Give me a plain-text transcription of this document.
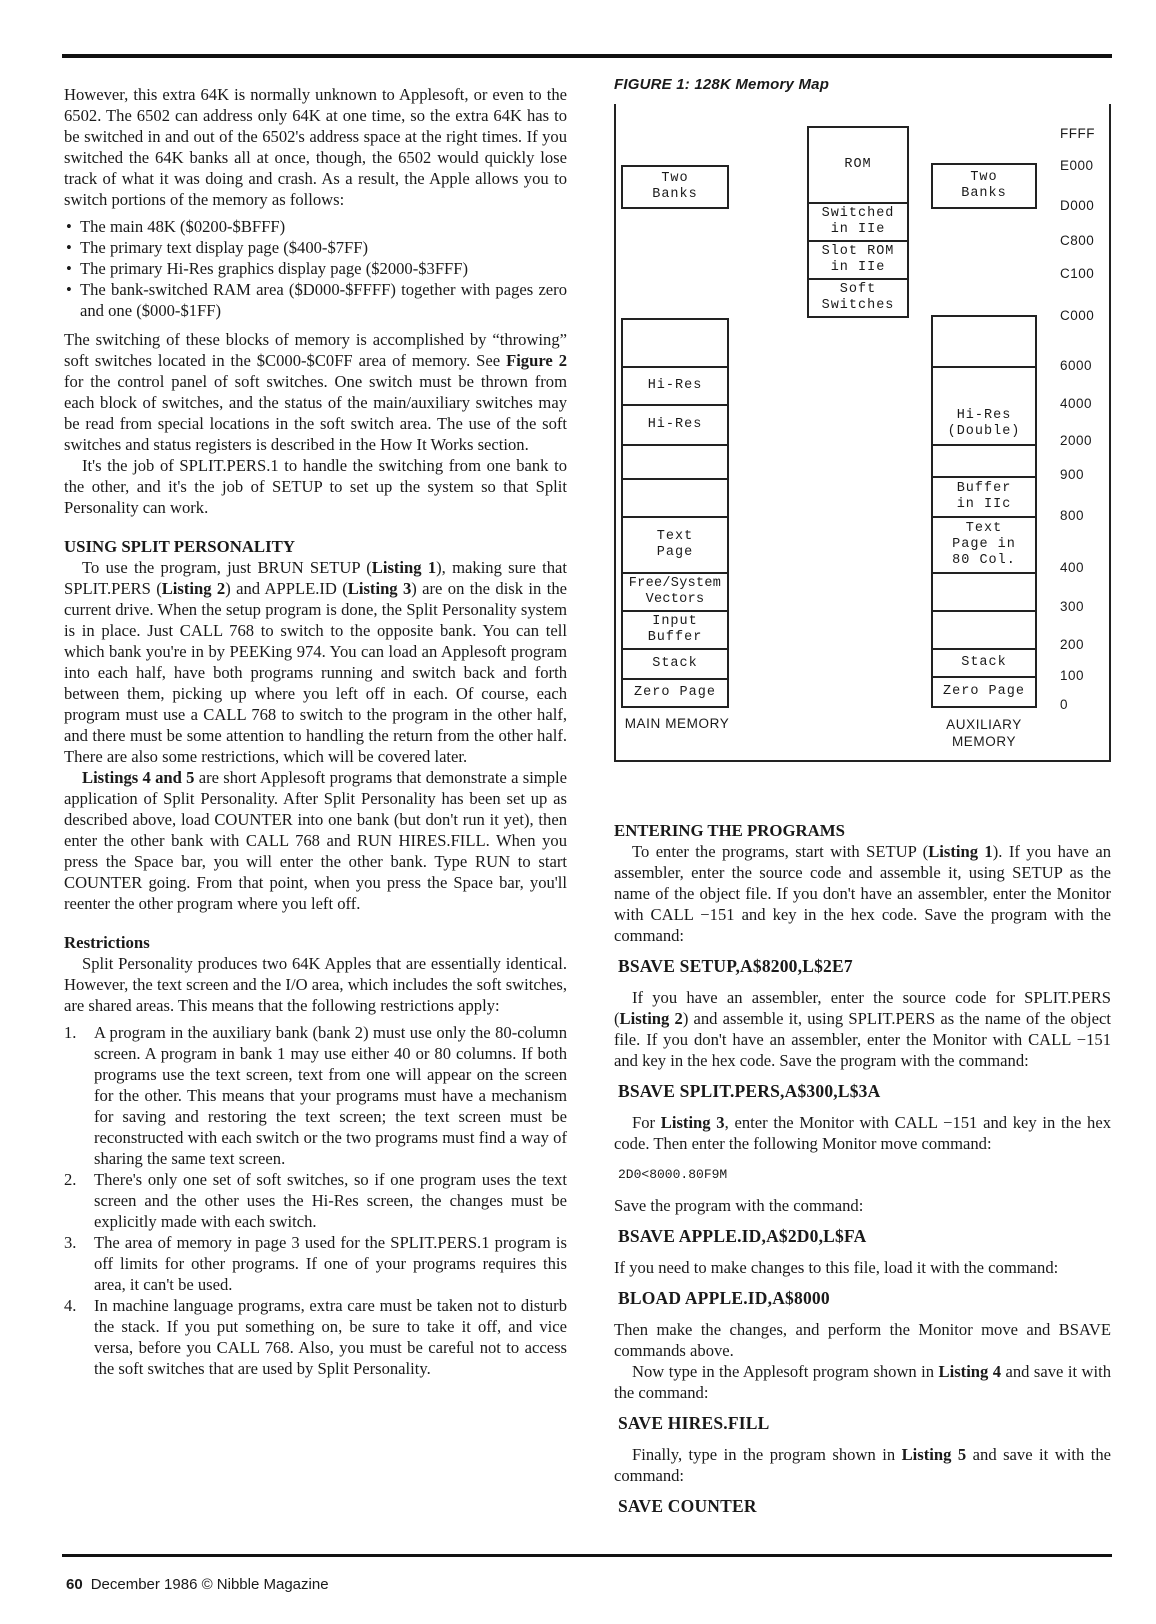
However, this extra 64K is normally unknown to Applesoft, or even to the 6502. The 6502 can address only 64K at one time, so the extra 64K has to be switched in and out of the 6502's address space at the right times. If you switched the 64K banks all at once, though, the 6502 would quickly lose track of what it was doing and crash. As a result, the Apple allows you to switch portions of the memory as follows:

• The main 48K ($0200-$BFFF)
• The primary text display page ($400-$7FF)
• The primary Hi-Res graphics display page ($2000-$3FFF)
• The bank-switched RAM area ($D000-$FFFF) together with pages zero and one ($000-$1FF)

The switching of these blocks of memory is accomplished by “throwing” soft switches located in the $C000-$C0FF area of memory. See Figure 2 for the control panel of soft switches. One switch must be thrown from each block of switches, and the status of the main/auxiliary switches may be read from special locations in the soft switch area. The use of the soft switches and status registers is described in the How It Works section.

It's the job of SPLIT.PERS.1 to handle the switching from one bank to the other, and it's the job of SETUP to set up the system so that Split Personality can work.

USING SPLIT PERSONALITY

To use the program, just BRUN SETUP (Listing 1), making sure that SPLIT.PERS (Listing 2) and APPLE.ID (Listing 3) are on the disk in the current drive. When the setup program is done, the Split Personality system is in place. Just CALL 768 to switch to the opposite bank. You can tell which bank you're in by PEEKing 974. You can load an Applesoft program into each half, have both programs running and switch back and forth between them, picking up where you left off in each. Of course, each program must use a CALL 768 to switch to the program in the other half, and there must be some attention to handling the return from the other half. There are also some restrictions, which will be covered later.

Listings 4 and 5 are short Applesoft programs that demonstrate a simple application of Split Personality. After Split Personality has been set up as described above, load COUNTER into one bank (but don't run it yet), then enter the other bank with CALL 768 and RUN HIRES.FILL. When you press the Space bar, you will enter the other bank. Type RUN to start COUNTER going. From that point, when you press the Space bar, you'll reenter the other program where you left off.

Restrictions

Split Personality produces two 64K Apples that are essentially identical. However, the text screen and the I/O area, which includes the soft switches, are shared areas. This means that the following restrictions apply:

1.	A program in the auxiliary bank (bank 2) must use only the 80-column screen. A program in bank 1 may use either 40 or 80 columns. If both programs use the text screen, text from one will appear on the screen for the other. This means that your programs must have a mechanism for saving and restoring the text screen; the text screen must be reconstructed with each switch or the two programs must find a way of sharing the same text screen.
2.	There's only one set of soft switches, so if one program uses the text screen and the other uses the Hi-Res screen, the changes must be explicitly made with each switch.
3.	The area of memory in page 3 used for the SPLIT.PERS.1 program is off limits for other programs. If one of your programs requires this area, it can't be used.
4.	In machine language programs, extra care must be taken not to disturb the stack. If you put something on, be sure to take it off, and vice versa, before you CALL 768. Also, you must be careful not to access the soft switches that are used by Split Personality.
FIGURE 1: 128K Memory Map
FFFF
E000
D000
C800
C100
C000
6000
4000
2000
900
800
400
300
200
100
0
Two
Banks
Hi-Res
Hi-Res
Text
Page
Free/System
Vectors
Input
Buffer
Stack
Zero Page
MAIN MEMORY
ROM
Switched
in IIe
Slot ROM
in IIe
Soft
Switches
Two
Banks
Hi-Res
(Double)
Buffer
in IIc
Text
Page in
80 Col.
Stack
Zero Page
AUXILIARY
MEMORY
ENTERING THE PROGRAMS

To enter the programs, start with SETUP (Listing 1). If you have an assembler, enter the source code and assemble it, using SETUP as the name of the object file. If you don't have an assembler, enter the Monitor with CALL −151 and key in the hex code. Save the program with the command:

BSAVE SETUP,A$8200,L$2E7

If you have an assembler, enter the source code for SPLIT.PERS (Listing 2) and assemble it, using SPLIT.PERS as the name of the object file. If you don't have an assembler, enter the Monitor with CALL −151 and key in the hex code. Save the program with the command:

BSAVE SPLIT.PERS,A$300,L$3A

For Listing 3, enter the Monitor with CALL −151 and key in the hex code. Then enter the following Monitor move command:

2D0<8000.80F9M

Save the program with the command:

BSAVE APPLE.ID,A$2D0,L$FA

If you need to make changes to this file, load it with the command:

BLOAD APPLE.ID,A$8000

Then make the changes, and perform the Monitor move and BSAVE commands above.

Now type in the Applesoft program shown in Listing 4 and save it with the command:

SAVE HIRES.FILL

Finally, type in the program shown in Listing 5 and save it with the command:

SAVE COUNTER
60 December 1986 © Nibble Magazine
